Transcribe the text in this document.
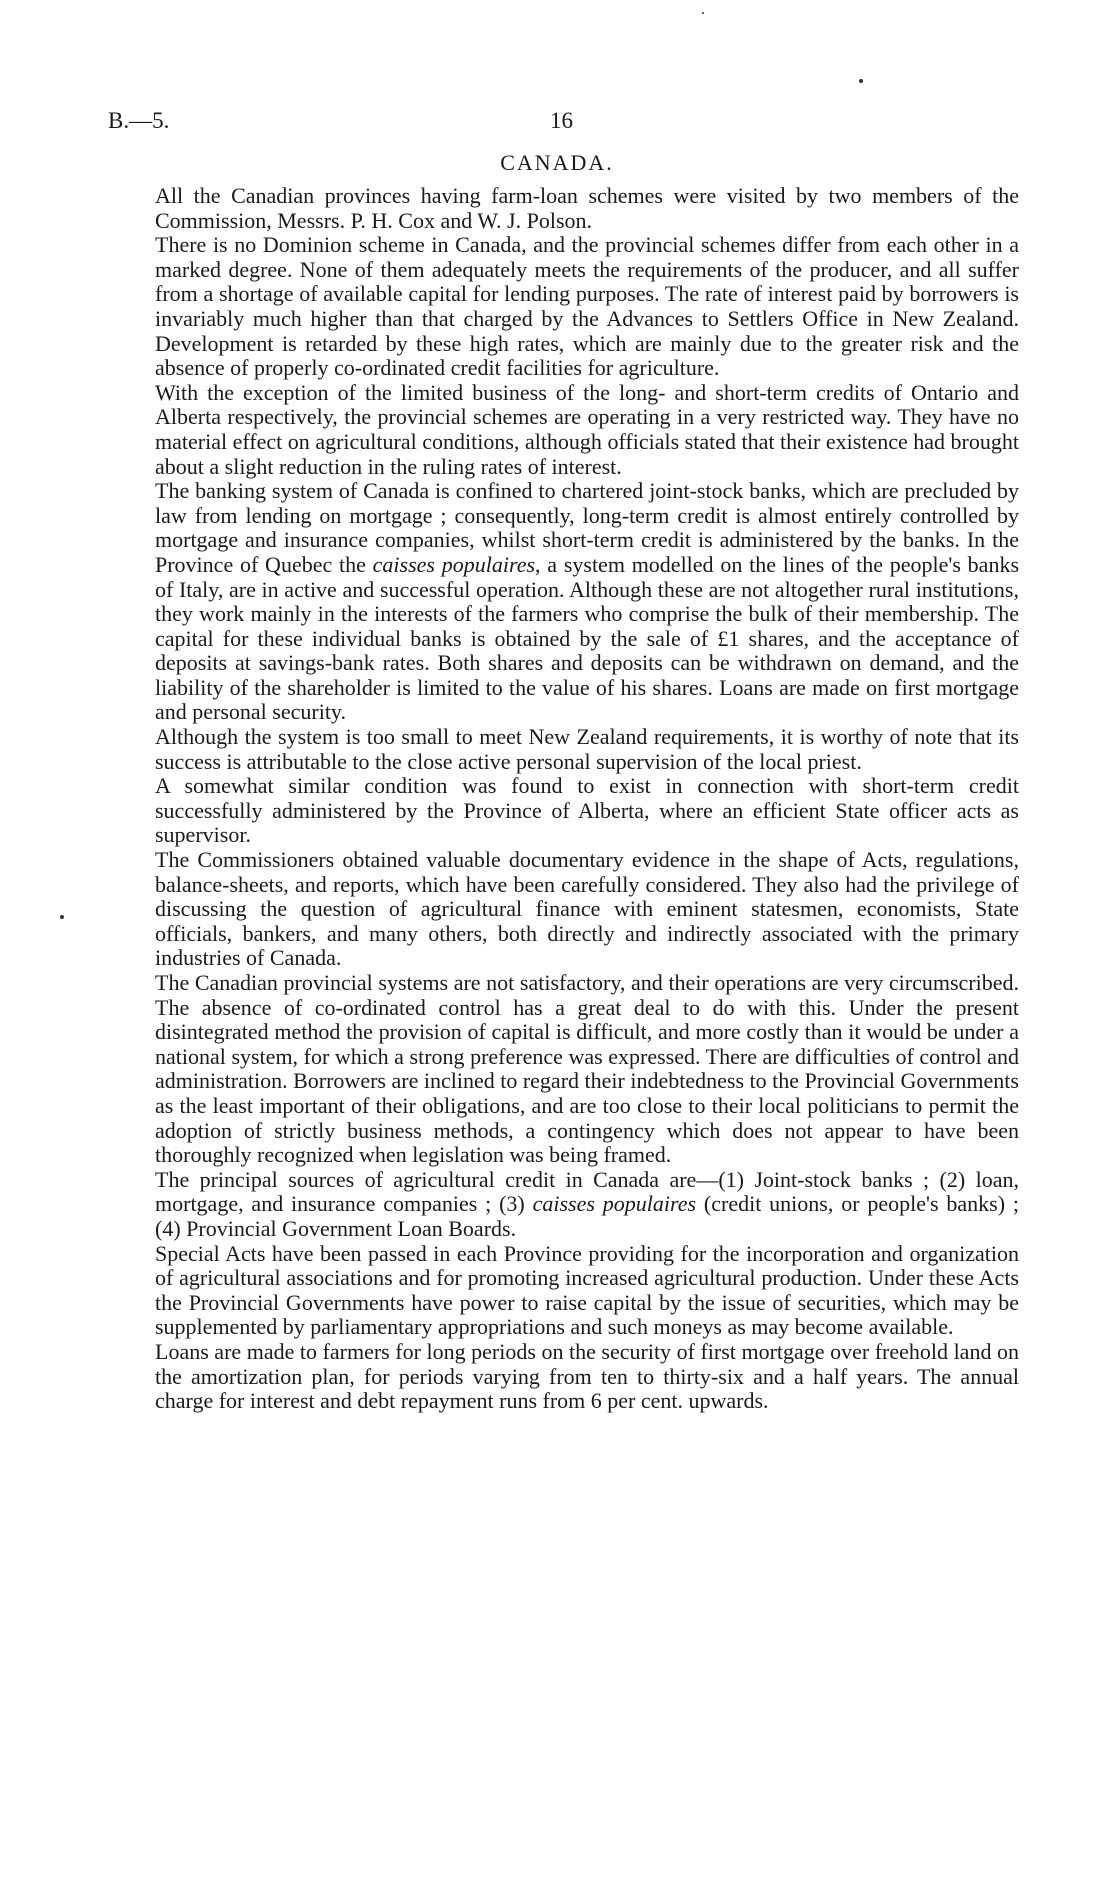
B.—5.	16
CANADA.

All the Canadian provinces having farm-loan schemes were visited by two members of the Commission, Messrs. P. H. Cox and W. J. Polson.

There is no Dominion scheme in Canada, and the provincial schemes differ from each other in a marked degree. None of them adequately meets the requirements of the producer, and all suffer from a shortage of available capital for lending purposes. The rate of interest paid by borrowers is invariably much higher than that charged by the Advances to Settlers Office in New Zealand. Development is retarded by these high rates, which are mainly due to the greater risk and the absence of properly co-ordinated credit facilities for agriculture.

With the exception of the limited business of the long- and short-term credits of Ontario and Alberta respectively, the provincial schemes are operating in a very restricted way. They have no material effect on agricultural conditions, although officials stated that their existence had brought about a slight reduction in the ruling rates of interest.

The banking system of Canada is confined to chartered joint-stock banks, which are precluded by law from lending on mortgage ; consequently, long-term credit is almost entirely controlled by mortgage and insurance companies, whilst short-term credit is administered by the banks. In the Province of Quebec the caisses populaires, a system modelled on the lines of the people's banks of Italy, are in active and successful operation. Although these are not altogether rural institutions, they work mainly in the interests of the farmers who comprise the bulk of their membership. The capital for these individual banks is obtained by the sale of £1 shares, and the acceptance of deposits at savings-bank rates. Both shares and deposits can be withdrawn on demand, and the liability of the shareholder is limited to the value of his shares. Loans are made on first mortgage and personal security.

Although the system is too small to meet New Zealand requirements, it is worthy of note that its success is attributable to the close active personal supervision of the local priest.

A somewhat similar condition was found to exist in connection with short-term credit successfully administered by the Province of Alberta, where an efficient State officer acts as supervisor.

The Commissioners obtained valuable documentary evidence in the shape of Acts, regulations, balance-sheets, and reports, which have been carefully considered. They also had the privilege of discussing the question of agricultural finance with eminent statesmen, economists, State officials, bankers, and many others, both directly and indirectly associated with the primary industries of Canada.

The Canadian provincial systems are not satisfactory, and their operations are very circumscribed. The absence of co-ordinated control has a great deal to do with this. Under the present disintegrated method the provision of capital is difficult, and more costly than it would be under a national system, for which a strong preference was expressed. There are difficulties of control and administration. Borrowers are inclined to regard their indebtedness to the Provincial Governments as the least important of their obligations, and are too close to their local politicians to permit the adoption of strictly business methods, a contingency which does not appear to have been thoroughly recognized when legislation was being framed.

The principal sources of agricultural credit in Canada are—(1) Joint-stock banks ; (2) loan, mortgage, and insurance companies ; (3) caisses populaires (credit unions, or people's banks) ; (4) Provincial Government Loan Boards.

Special Acts have been passed in each Province providing for the incorporation and organization of agricultural associations and for promoting increased agricultural production. Under these Acts the Provincial Governments have power to raise capital by the issue of securities, which may be supplemented by parliamentary appropriations and such moneys as may become available.

Loans are made to farmers for long periods on the security of first mortgage over freehold land on the amortization plan, for periods varying from ten to thirty-six and a half years. The annual charge for interest and debt repayment runs from 6 per cent. upwards.
